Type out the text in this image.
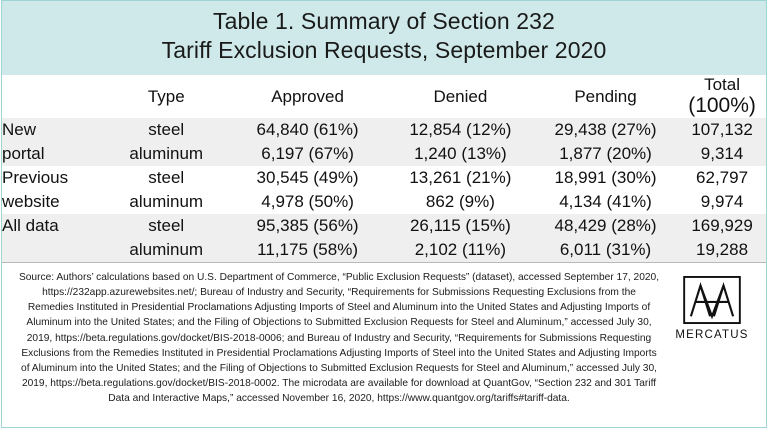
Table 1. Summary of Section 232
Tariff Exclusion Requests, September 2020
	Type	Approved	Denied	Pending	Total
(100%)

New	steel	64,840 (61%)	12,854 (12%)	29,438 (27%)	107,132
portal	aluminum	6,197 (67%)	1,240 (13%)	1,877 (20%)	9,314
Previous	steel	30,545 (49%)	13,261 (21%)	18,991 (30%)	62,797
website	aluminum	4,978 (50%)	862 (9%)	4,134 (41%)	9,974
All data	steel	95,385 (56%)	26,115 (15%)	48,429 (28%)	169,929
	aluminum	11,175 (58%)	2,102 (11%)	6,011 (31%)	19,288
Source: Authors’ calculations based on U.S. Department of Commerce, “Public Exclusion Requests” (dataset), accessed September 17, 2020, https://232app.azurewebsites.net/; Bureau of Industry and Security, “Requirements for Submissions Requesting Exclusions from the Remedies Instituted in Presidential Proclamations Adjusting Imports of Steel and Aluminum into the United States and Adjusting Imports of Aluminum into the United States; and the Filing of Objections to Submitted Exclusion Requests for Steel and Aluminum,” accessed July 30, 2019, https://beta.regulations.gov/docket/BIS-2018-0006; and Bureau of Industry and Security, “Requirements for Submissions Requesting Exclusions from the Remedies Instituted in Presidential Proclamations Adjusting Imports of Steel into the United States and Adjusting Imports of Aluminum into the United States; and the Filing of Objections to Submitted Exclusion Requests for Steel and Aluminum,” accessed July 30, 2019, https://beta.regulations.gov/docket/BIS-2018-0002. The microdata are available for download at QuantGov, “Section 232 and 301 Tariff Data and Interactive Maps,” accessed November 16, 2020, https://www.quantgov.org/tariffs#tariff-data.
MERCATUS
